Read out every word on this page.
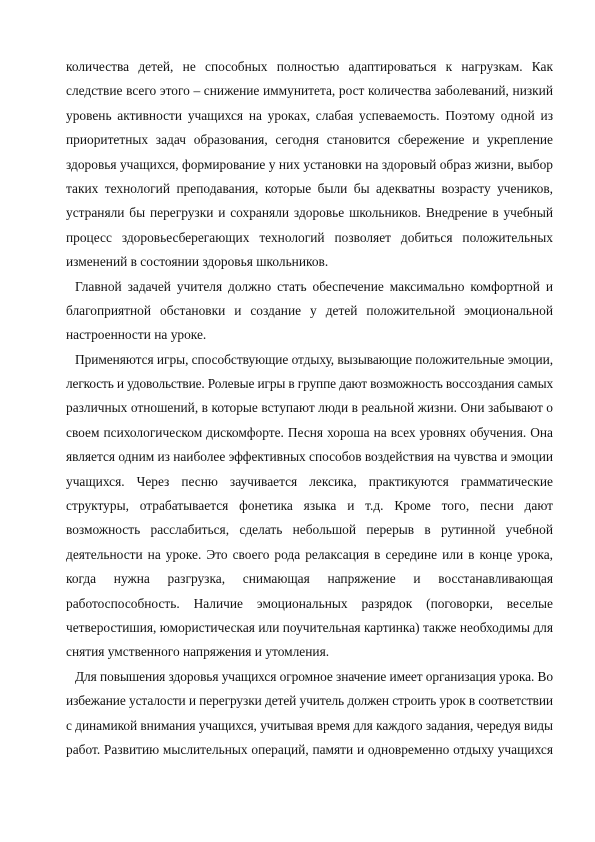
количества детей, не способных полностью адаптироваться к нагрузкам. Как
следствие всего этого – снижение иммунитета, рост количества заболеваний, низкий
уровень активности учащихся на уроках, слабая успеваемость. Поэтому одной из
приоритетных задач образования, сегодня становится сбережение и укрепление
здоровья учащихся, формирование у них установки на здоровый образ жизни, выбор
таких технологий преподавания, которые были бы адекватны возрасту учеников,
устраняли бы перегрузки и сохраняли здоровье школьников. Внедрение в учебный
процесс здоровьесберегающих технологий позволяет добиться положительных
изменений в состоянии здоровья школьников.
Главной задачей учителя должно стать обеспечение максимально комфортной и
благоприятной обстановки и создание у детей положительной эмоциональной
настроенности на уроке.
Применяются игры, способствующие отдыху, вызывающие положительные эмоции,
легкость и удовольствие. Ролевые игры в группе дают возможность воссоздания самых
различных отношений, в которые вступают люди в реальной жизни. Они забывают о
своем психологическом дискомфорте. Песня хороша на всех уровнях обучения. Она
является одним из наиболее эффективных способов воздействия на чувства и эмоции
учащихся. Через песню заучивается лексика, практикуются грамматические
структуры, отрабатывается фонетика языка и т.д. Кроме того, песни дают
возможность расслабиться, сделать небольшой перерыв в рутинной учебной
деятельности на уроке. Это своего рода релаксация в середине или в конце урока,
когда нужна разгрузка, снимающая напряжение и восстанавливающая
работоспособность. Наличие эмоциональных разрядок (поговорки, веселые
четверостишия, юмористическая или поучительная картинка) также необходимы для
снятия умственного напряжения и утомления.
Для повышения здоровья учащихся огромное значение имеет организация урока. Во
избежание усталости и перегрузки детей учитель должен строить урок в соответствии
с динамикой внимания учащихся, учитывая время для каждого задания, чередуя виды
работ. Развитию мыслительных операций, памяти и одновременно отдыху учащихся
